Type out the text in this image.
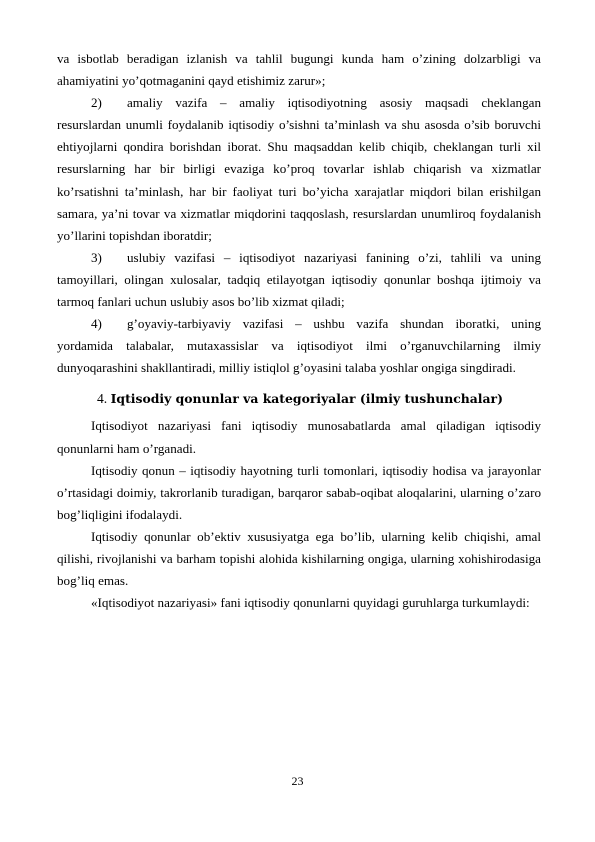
va isbotlab beradigan izlanish va tahlil bugungi kunda ham o’zining dolzarbligi va ahamiyatini yo’qotmaganini qayd etishimiz zarur»;

2) amaliy vazifa – amaliy iqtisodiyotning asosiy maqsadi cheklangan resurslardan unumli foydalanib iqtisodiy o’sishni ta’minlash va shu asosda o’sib boruvchi ehtiyojlarni qondira borishdan iborat. Shu maqsaddan kelib chiqib, cheklangan turli xil resurslarning har bir birligi evaziga ko’proq tovarlar ishlab chiqarish va xizmatlar ko’rsatishni ta’minlash, har bir faoliyat turi bo’yicha xarajatlar miqdori bilan erishilgan samara, ya’ni tovar va xizmatlar miqdorini taqqoslash, resurslardan unumliroq foydalanish yo’llarini topishdan iboratdir;

3) uslubiy vazifasi – iqtisodiyot nazariyasi fanining o’zi, tahlili va uning tamoyillari, olingan xulosalar, tadqiq etilayotgan iqtisodiy qonunlar boshqa ijtimoiy va tarmoq fanlari uchun uslubiy asos bo’lib xizmat qiladi;

4) g’oyaviy-tarbiyaviy vazifasi – ushbu vazifa shundan iboratki, uning yordamida talabalar, mutaxassislar va iqtisodiyot ilmi o’rganuvchilarning ilmiy dunyoqarashini shakllantiradi, milliy istiqlol g’oyasini talaba yoshlar ongiga singdiradi.

4. Iqtisodiy qonunlar va kategoriyalar (ilmiy tushunchalar)

Iqtisodiyot nazariyasi fani iqtisodiy munosabatlarda amal qiladigan iqtisodiy qonunlarni ham o’rganadi.

Iqtisodiy qonun – iqtisodiy hayotning turli tomonlari, iqtisodiy hodisa va jarayonlar o’rtasidagi doimiy, takrorlanib turadigan, barqaror sabab-oqibat aloqalarini, ularning o’zaro bog’liqligini ifodalaydi.

Iqtisodiy qonunlar ob’ektiv xususiyatga ega bo’lib, ularning kelib chiqishi, amal qilishi, rivojlanishi va barham topishi alohida kishilarning ongiga, ularning xohishirodasiga bog’liq emas.

«Iqtisodiyot nazariyasi» fani iqtisodiy qonunlarni quyidagi guruhlarga turkumlaydi:

23
